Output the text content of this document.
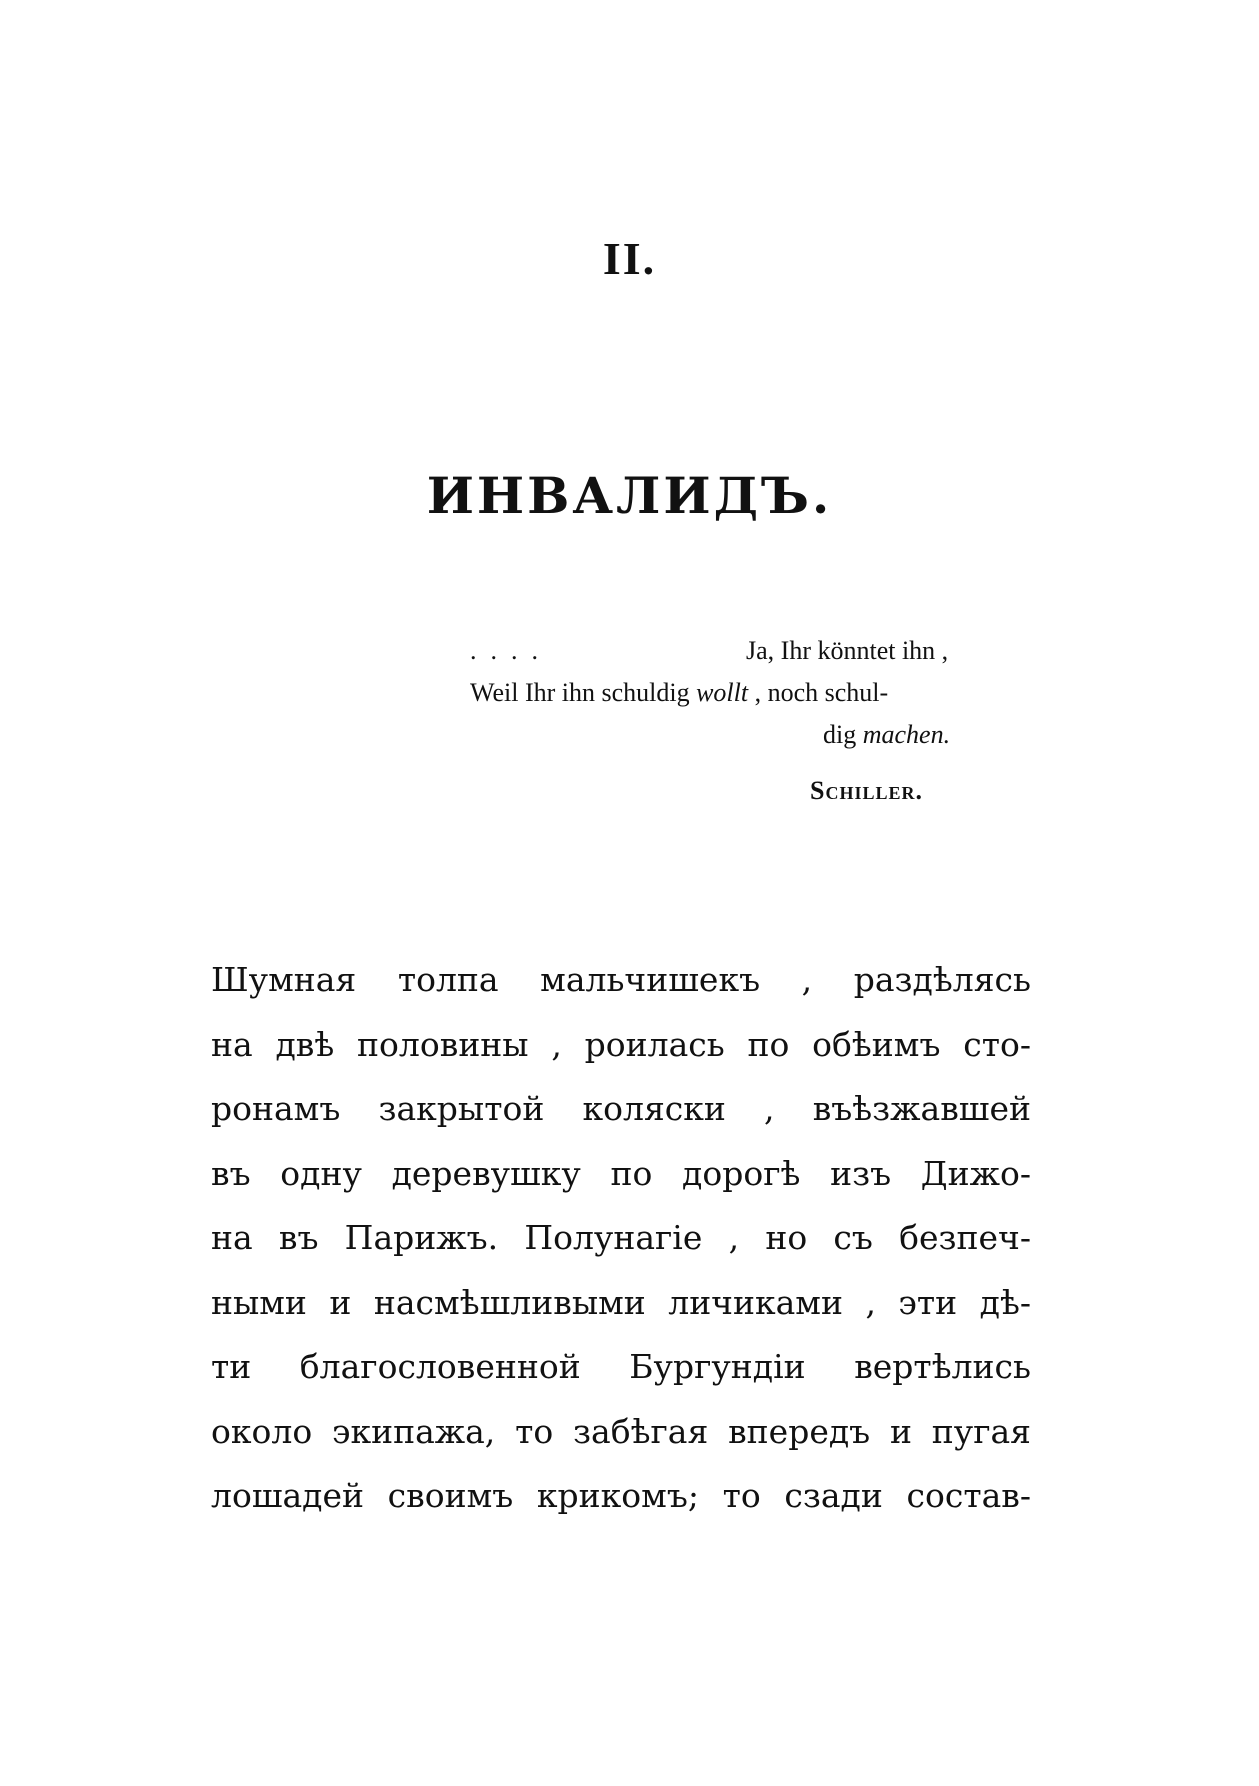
II.
ИНВАЛИДЪ.
....	Ja, Ihr könntet ihn ,
Weil Ihr ihn schuldig wollt , noch schul-
dig machen.
Schiller.
Шумная толпа мальчишекъ , раздѣлясь
на двѣ половины , роилась по обѣимъ сто-
ронамъ закрытой коляски , въѣзжавшей
въ одну деревушку по дорогѣ изъ Дижо-
на въ Парижъ. Полунагіе , но съ безпеч-
ными и насмѣшливыми личиками , эти дѣ-
ти благословенной Бургундіи вертѣлись
около экипажа, то забѣгая впередъ и пугая
лошадей своимъ крикомъ; то сзади состав-
